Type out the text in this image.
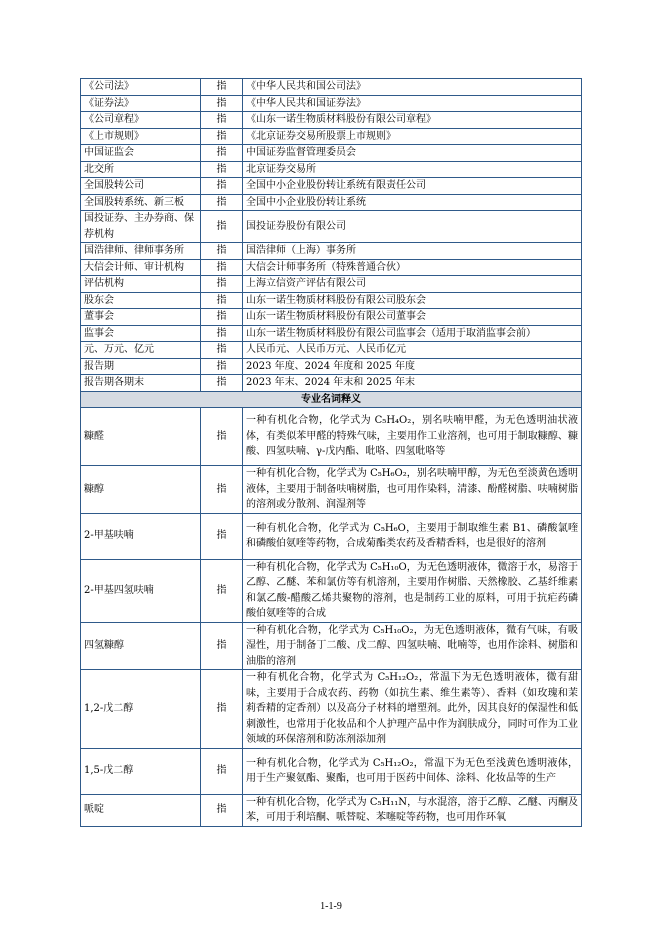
《公司法》	指	《中华人民共和国公司法》
《证券法》	指	《中华人民共和国证券法》
《公司章程》	指	《山东一诺生物质材料股份有限公司章程》
《上市规则》	指	《北京证券交易所股票上市规则》
中国证监会	指	中国证券监督管理委员会
北交所	指	北京证券交易所
全国股转公司	指	全国中小企业股份转让系统有限责任公司
全国股转系统、新三板	指	全国中小企业股份转让系统
国投证券、主办券商、保荐机构	指	国投证券股份有限公司
国浩律师、律师事务所	指	国浩律师（上海）事务所
大信会计师、审计机构	指	大信会计师事务所（特殊普通合伙）
评估机构	指	上海立信资产评估有限公司
股东会	指	山东一诺生物质材料股份有限公司股东会
董事会	指	山东一诺生物质材料股份有限公司董事会
监事会	指	山东一诺生物质材料股份有限公司监事会（适用于取消监事会前）
元、万元、亿元	指	人民币元、人民币万元、人民币亿元
报告期	指	2023 年度、2024 年度和 2025 年度
报告期各期末	指	2023 年末、2024 年末和 2025 年末
专业名词释义		
糠醛	指	一种有机化合物，化学式为 C₅H₄O₂，别名呋喃甲醛，为无色透明油状液体，有类似苯甲醛的特殊气味，主要用作工业溶剂，也可用于制取糠醇、糠酸、四氢呋喃、γ-戊内酯、吡咯、四氢吡咯等
糠醇	指	一种有机化合物，化学式为 C₅H₆O₂，别名呋喃甲醇，为无色至淡黄色透明液体，主要用于制备呋喃树脂，也可用作染料，清漆、酚醛树脂、呋喃树脂的溶剂或分散剂、润湿剂等
2-甲基呋喃	指	一种有机化合物，化学式为 C₅H₆O，主要用于制取维生素 B1、磷酸氯喹和磷酸伯氨喹等药物，合成菊酯类农药及香精香料，也是很好的溶剂
2-甲基四氢呋喃	指	一种有机化合物，化学式为 C₅H₁₀O，为无色透明液体，微溶于水，易溶于乙醇、乙醚、苯和氯仿等有机溶剂，主要用作树脂、天然橡胶、乙基纤维素和氯乙酸-醋酸乙烯共聚物的溶剂，也是制药工业的原料，可用于抗疟药磷酸伯氨喹等的合成
四氢糠醇	指	一种有机化合物，化学式为 C₅H₁₀O₂，为无色透明液体，微有气味，有吸湿性，用于制备丁二酸、戊二醇、四氢呋喃、吡喃等，也用作涂料、树脂和油脂的溶剂
1,2-戊二醇	指	一种有机化合物，化学式为 C₅H₁₂O₂，常温下为无色透明液体，微有甜味，主要用于合成农药、药物（如抗生素、维生素等）、香料（如玫瑰和茉莉香精的定香剂）以及高分子材料的增塑剂。此外，因其良好的保湿性和低刺激性，也常用于化妆品和个人护理产品中作为润肤成分，同时可作为工业领域的环保溶剂和防冻剂添加剂
1,5-戊二醇	指	一种有机化合物，化学式为 C₅H₁₂O₂，常温下为无色至浅黄色透明液体，用于生产聚氨酯、聚酯，也可用于医药中间体、涂料、化妆品等的生产
哌啶	指	一种有机化合物，化学式为 C₅H₁₁N，与水混溶，溶于乙醇、乙醚、丙酮及苯，可用于利培酮、哌替啶、苯噻啶等药物，也可用作环氧
1-1-9
